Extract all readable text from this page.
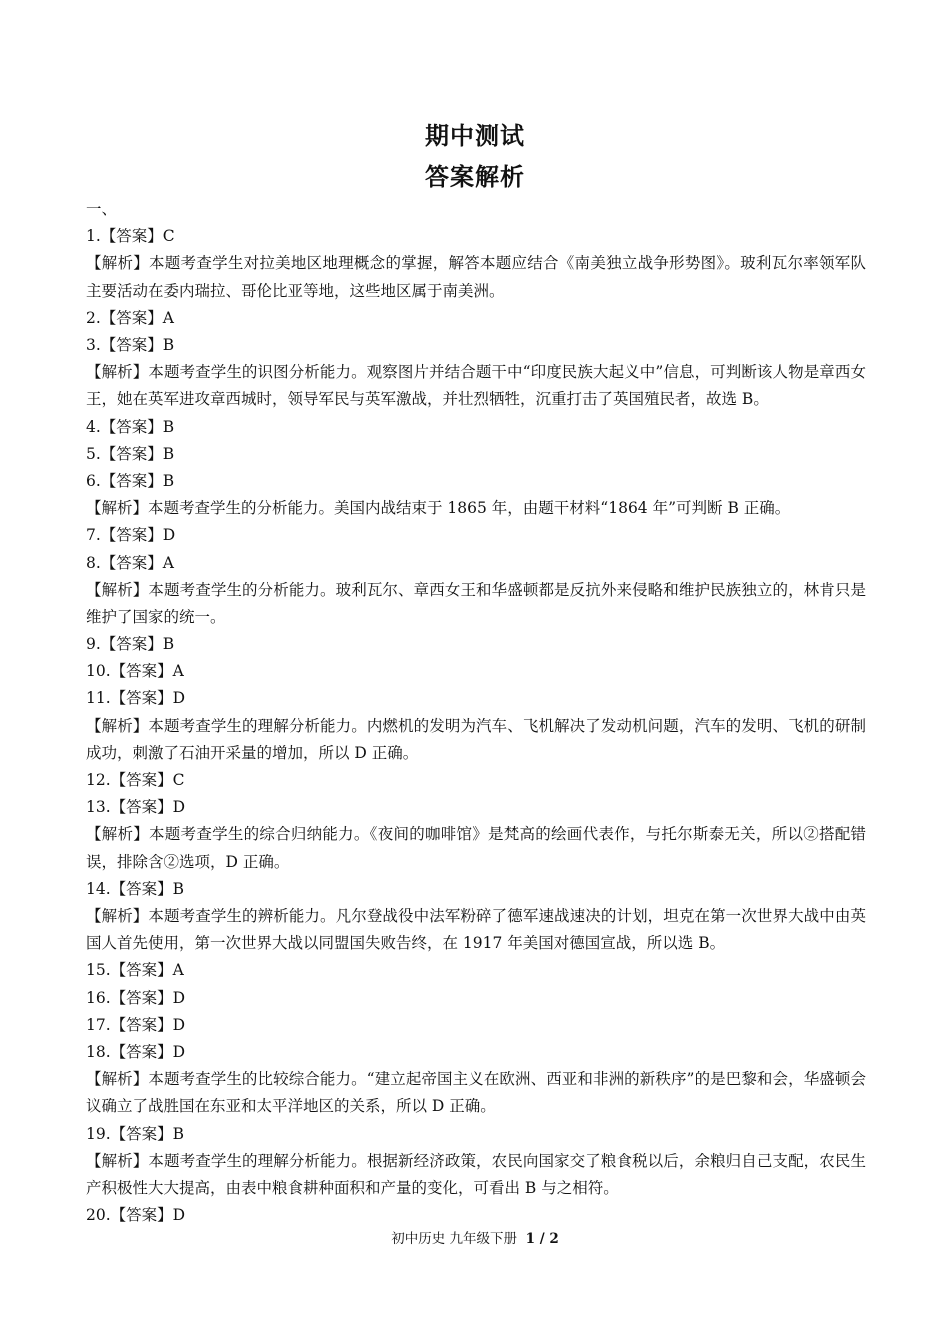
期中测试
答案解析
一、
1.【答案】C
【解析】本题考查学生对拉美地区地理概念的掌握，解答本题应结合《南美独立战争形势图》。玻利瓦尔率领军队主要活动在委内瑞拉、哥伦比亚等地，这些地区属于南美洲。
2.【答案】A
3.【答案】B
【解析】本题考查学生的识图分析能力。观察图片并结合题干中“印度民族大起义中”信息，可判断该人物是章西女王，她在英军进攻章西城时，领导军民与英军激战，并壮烈牺牲，沉重打击了英国殖民者，故选 B。
4.【答案】B
5.【答案】B
6.【答案】B
【解析】本题考查学生的分析能力。美国内战结束于 1865 年，由题干材料“1864 年”可判断 B 正确。
7.【答案】D
8.【答案】A
【解析】本题考查学生的分析能力。玻利瓦尔、章西女王和华盛顿都是反抗外来侵略和维护民族独立的，林肯只是维护了国家的统一。
9.【答案】B
10.【答案】A
11.【答案】D
【解析】本题考查学生的理解分析能力。内燃机的发明为汽车、飞机解决了发动机问题，汽车的发明、飞机的研制成功，刺激了石油开采量的增加，所以 D 正确。
12.【答案】C
13.【答案】D
【解析】本题考查学生的综合归纳能力。《夜间的咖啡馆》是梵高的绘画代表作，与托尔斯泰无关，所以②搭配错误，排除含②选项，D 正确。
14.【答案】B
【解析】本题考查学生的辨析能力。凡尔登战役中法军粉碎了德军速战速决的计划，坦克在第一次世界大战中由英国人首先使用，第一次世界大战以同盟国失败告终，在 1917 年美国对德国宣战，所以选 B。
15.【答案】A
16.【答案】D
17.【答案】D
18.【答案】D
【解析】本题考查学生的比较综合能力。“建立起帝国主义在欧洲、西亚和非洲的新秩序”的是巴黎和会，华盛顿会议确立了战胜国在东亚和太平洋地区的关系，所以 D 正确。
19.【答案】B
【解析】本题考查学生的理解分析能力。根据新经济政策，农民向国家交了粮食税以后，余粮归自己支配，农民生产积极性大大提高，由表中粮食耕种面积和产量的变化，可看出 B 与之相符。
20.【答案】D
初中历史 九年级下册 1 / 2
